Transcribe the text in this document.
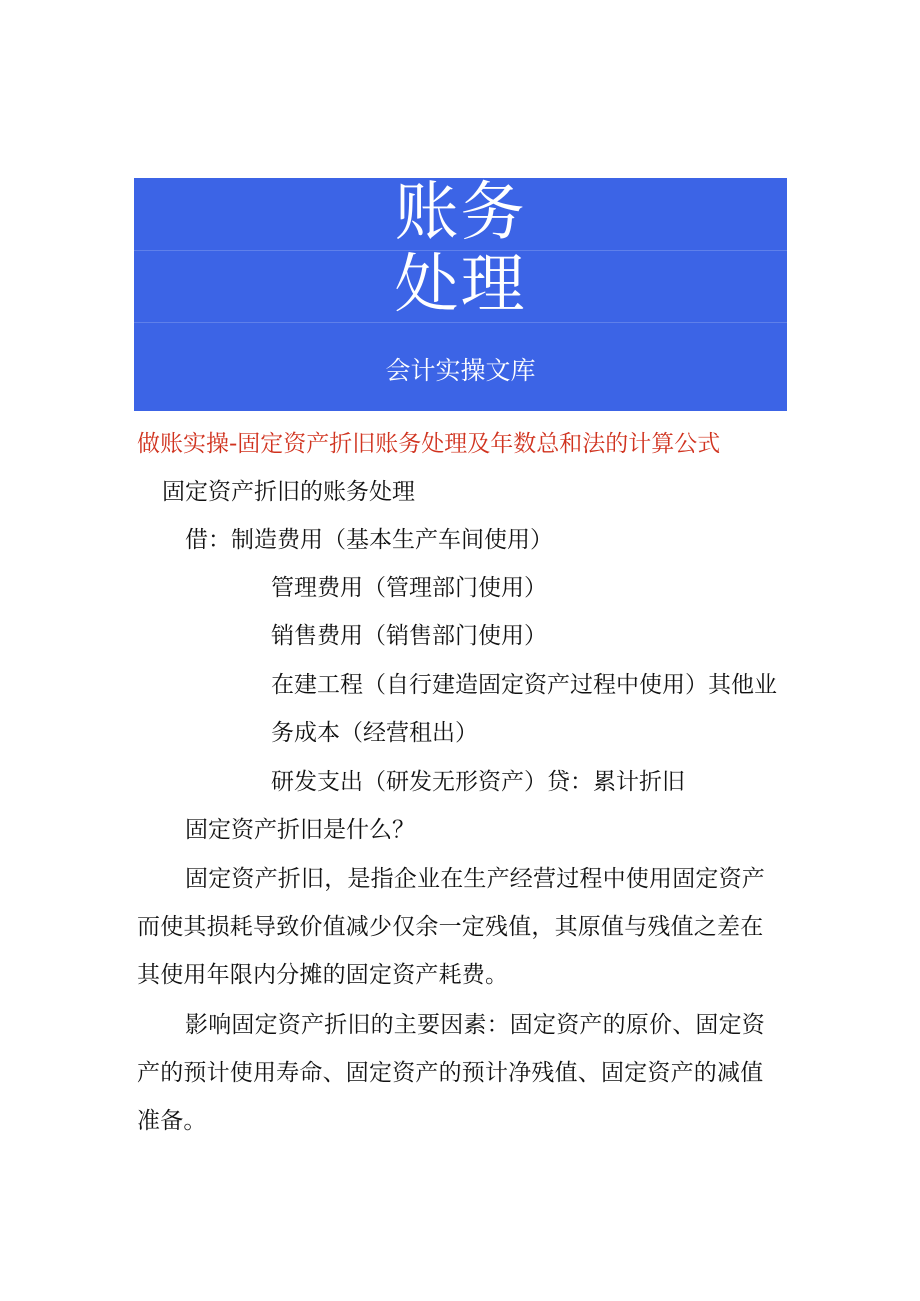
账务
处理
会计实操文库
做账实操-固定资产折旧账务处理及年数总和法的计算公式
固定资产折旧的账务处理
借：制造费用（基本生产车间使用）
管理费用（管理部门使用）
销售费用（销售部门使用）
在建工程（自行建造固定资产过程中使用）其他业
务成本（经营租出）
研发支出（研发无形资产）贷：累计折旧
固定资产折旧是什么？
固定资产折旧，是指企业在生产经营过程中使用固定资产而使其损耗导致价值减少仅余一定残值，其原值与残值之差在其使用年限内分摊的固定资产耗费。
影响固定资产折旧的主要因素：固定资产的原价、固定资产的预计使用寿命、固定资产的预计净残值、固定资产的减值准备。
